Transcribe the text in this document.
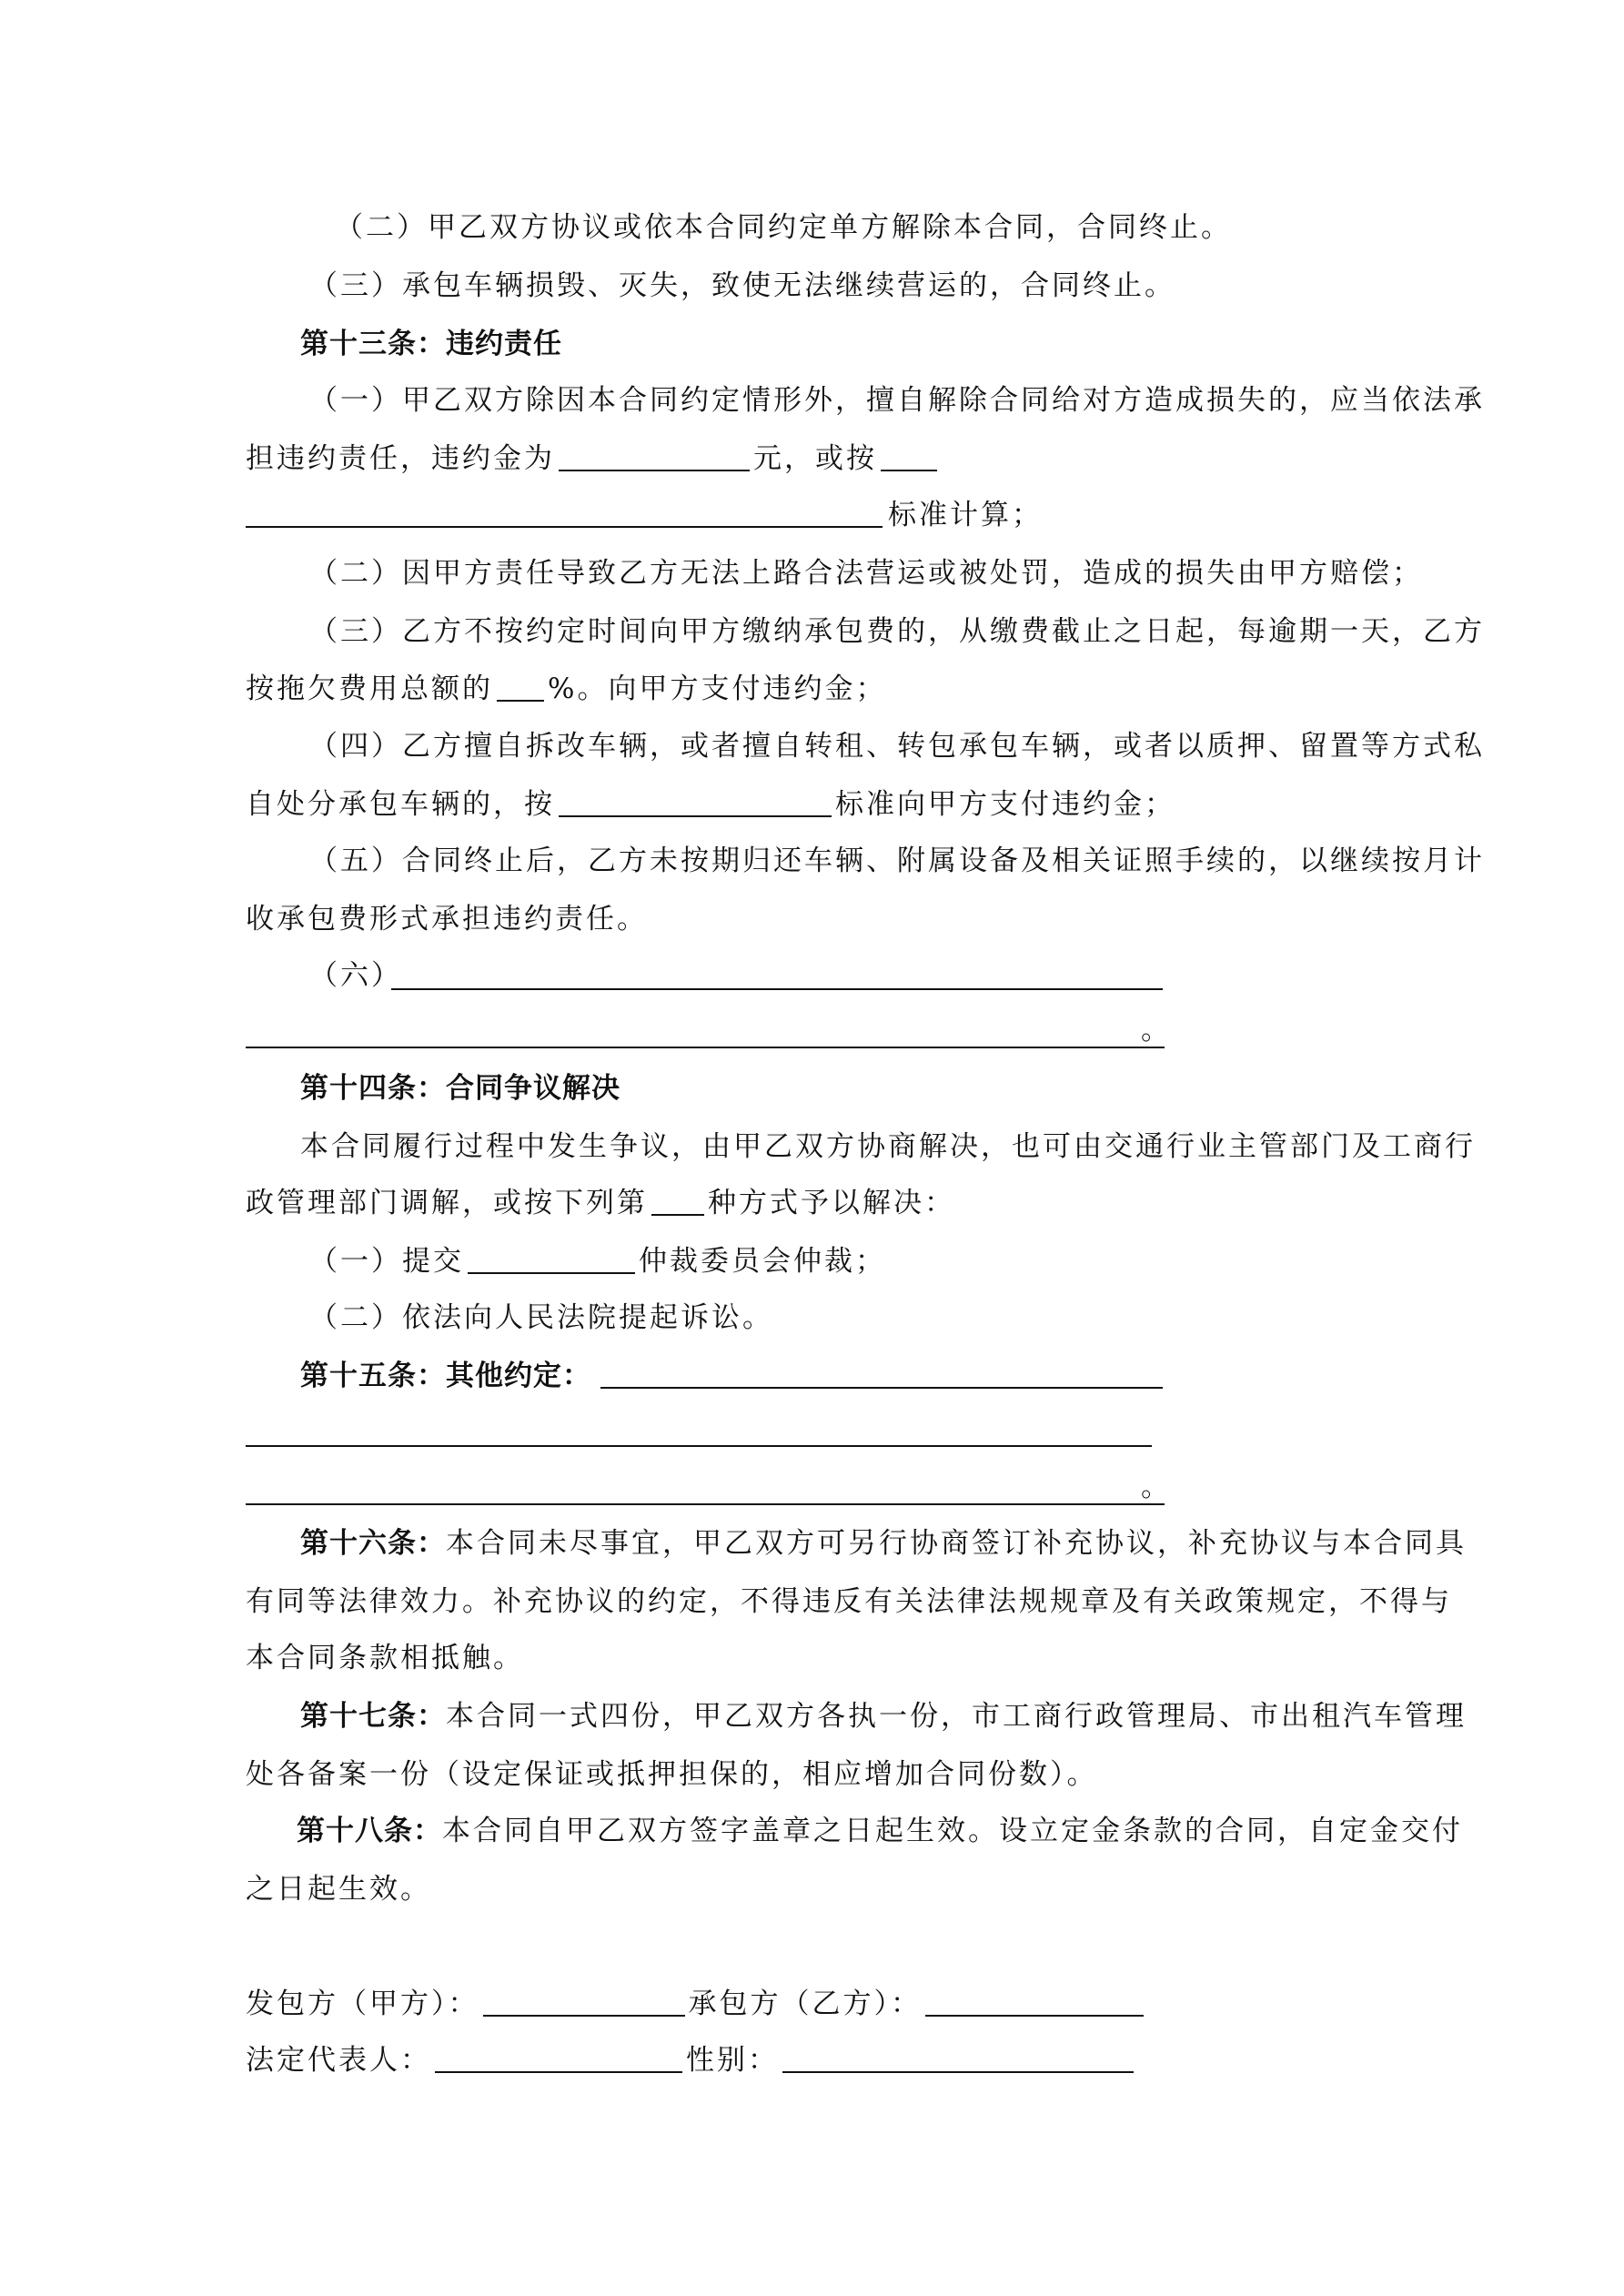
（二）甲乙双方协议或依本合同约定单方解除本合同，合同终止。
（三）承包车辆损毁、灭失，致使无法继续营运的，合同终止。
第十三条：违约责任
（一）甲乙双方除因本合同约定情形外，擅自解除合同给对方造成损失的，应当依法承
担违约责任，违约金为	元，或按
标准计算；
（二）因甲方责任导致乙方无法上路合法营运或被处罚，造成的损失由甲方赔偿；
（三）乙方不按约定时间向甲方缴纳承包费的，从缴费截止之日起，每逾期一天，乙方
按拖欠费用总额的 %。向甲方支付违约金；
（四）乙方擅自拆改车辆，或者擅自转租、转包承包车辆，或者以质押、留置等方式私
自处分承包车辆的，按	标准向甲方支付违约金；
（五）合同终止后，乙方未按期归还车辆、附属设备及相关证照手续的，以继续按月计
收承包费形式承担违约责任。
（六）
。
第十四条：合同争议解决
本合同履行过程中发生争议，由甲乙双方协商解决，也可由交通行业主管部门及工商行
政管理部门调解，或按下列第 种方式予以解决：
（一）提交	仲裁委员会仲裁；
（二）依法向人民法院提起诉讼。
第十五条：其他约定：
。
第十六条：本合同未尽事宜，甲乙双方可另行协商签订补充协议，补充协议与本合同具
有同等法律效力。补充协议的约定，不得违反有关法律法规规章及有关政策规定，不得与
本合同条款相抵触。
第十七条：本合同一式四份，甲乙双方各执一份，市工商行政管理局、市出租汽车管理
处各备案一份（设定保证或抵押担保的，相应增加合同份数）。
第十八条：本合同自甲乙双方签字盖章之日起生效。设立定金条款的合同，自定金交付
之日起生效。
发包方（甲方）：	承包方（乙方）：
法定代表人：	性别：
